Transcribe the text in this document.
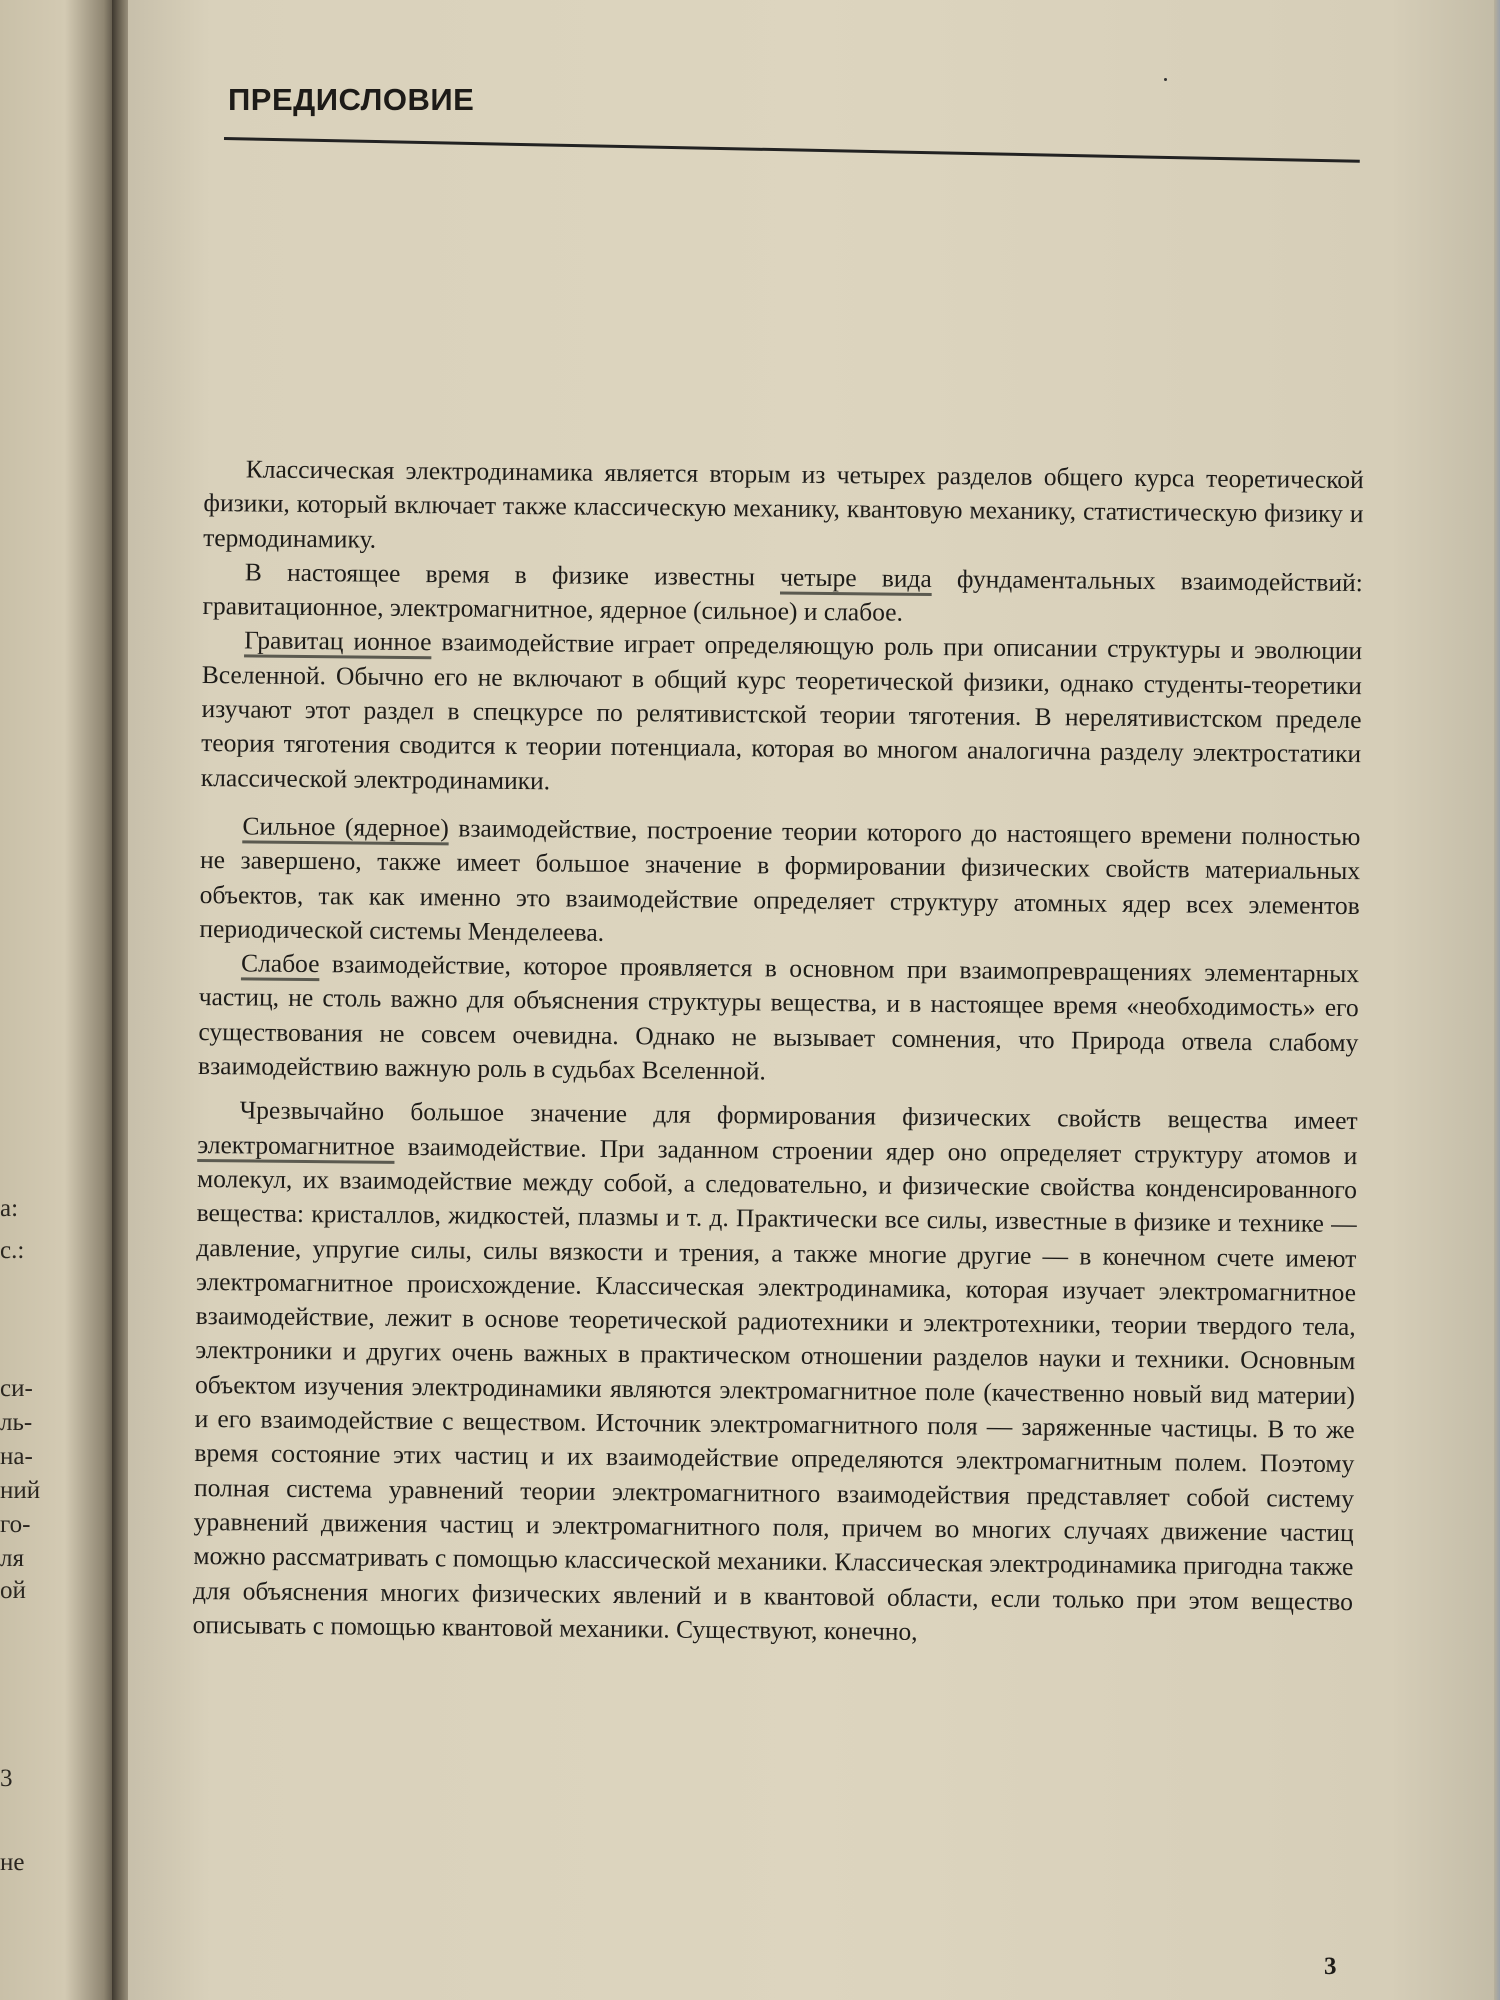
а:
с.:
си-
ль-
на-
ний
го-
ля
ой
3
не
ПРЕДИСЛОВИЕ

Классическая электродинамика является вторым из четырех разделов общего курса теоретической физики, который включает также классическую механику, квантовую механику, статистическую физику и термодинамику.

В настоящее время в физике известны четыре вида фундаментальных взаимодействий: гравитационное, электромагнитное, ядерное (сильное) и слабое.

Гравитац ионное взаимодействие играет определяющую роль при описании структуры и эволюции Вселенной. Обычно его не включают в общий курс теоретической физики, однако студенты-теоретики изучают этот раздел в спецкурсе по релятивистской теории тяготения. В нерелятивистском пределе теория тяготения сводится к теории потенциала, которая во многом аналогична разделу электростатики классической электродинамики.

Сильное (ядерное) взаимодействие, построение теории которого до настоящего времени полностью не завершено, также имеет большое значение в формировании физических свойств материальных объектов, так как именно это взаимодействие определяет структуру атомных ядер всех элементов периодической системы Менделеева.

Слабое взаимодействие, которое проявляется в основном при взаимопревращениях элементарных частиц, не столь важно для объяснения структуры вещества, и в настоящее время «необходимость» его существования не совсем очевидна. Однако не вызывает сомнения, что Природа отвела слабому взаимодействию важную роль в судьбах Вселенной.

Чрезвычайно большое значение для формирования физических свойств вещества имеет электромагнитное взаимодействие. При заданном строении ядер оно определяет структуру атомов и молекул, их взаимодействие между собой, а следовательно, и физические свойства конденсированного вещества: кристаллов, жидкостей, плазмы и т. д. Практически все силы, известные в физике и технике — давление, упругие силы, силы вязкости и трения, а также многие другие — в конечном счете имеют электромагнитное происхождение. Классическая электродинамика, которая изучает электромагнитное взаимодействие, лежит в основе теоретической радиотехники и электротехники, теории твердого тела, электроники и других очень важных в практическом отношении разделов науки и техники. Основным объектом изучения электродинамики являются электромагнитное поле (качественно новый вид материи) и его взаимодействие с веществом. Источник электромагнитного поля — заряженные частицы. В то же время состояние этих частиц и их взаимодействие определяются электромагнитным полем. Поэтому полная система уравнений теории электромагнитного взаимодействия представляет собой систему уравнений движения частиц и электромагнитного поля, причем во многих случаях движение частиц можно рассматривать с помощью классической механики. Классическая электродинамика пригодна также для объяснения многих физических явлений и в квантовой области, если только при этом вещество описывать с помощью квантовой механики. Существуют, конечно,

3
